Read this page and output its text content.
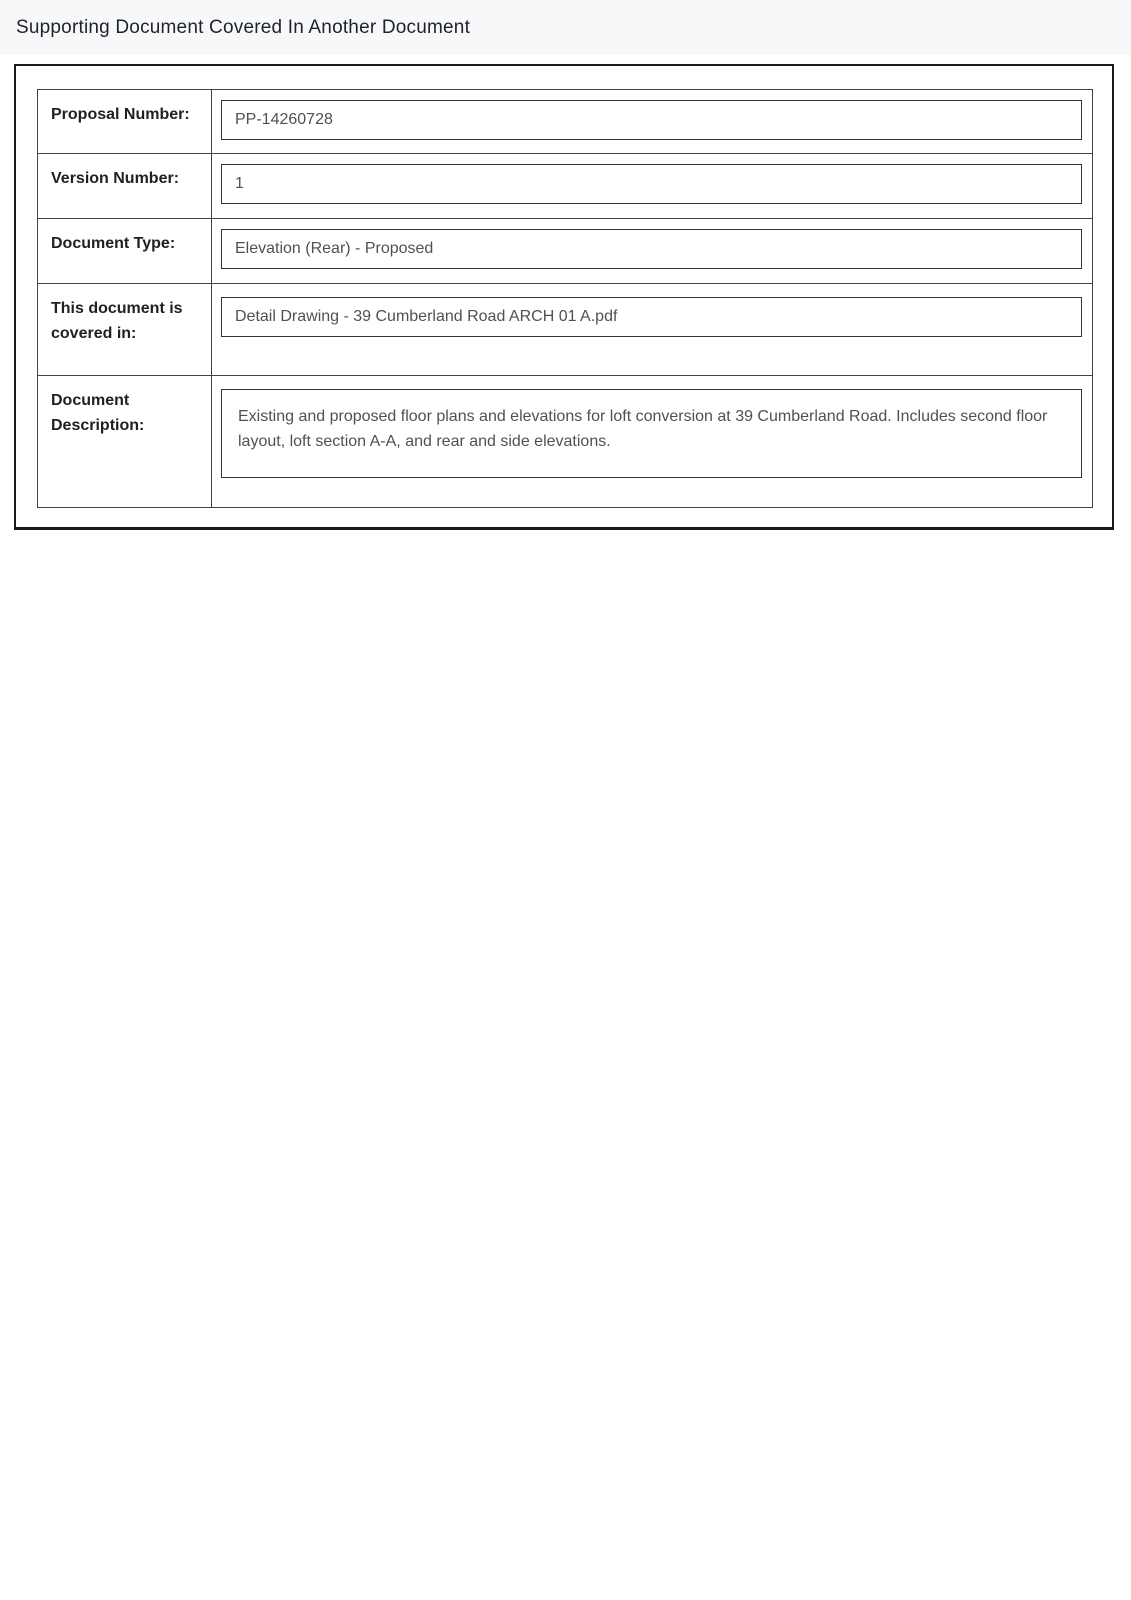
Supporting Document Covered In Another Document
Proposal Number:
PP-14260728
Version Number:
1
Document Type:
Elevation (Rear) - Proposed
This document is covered in:
Detail Drawing - 39 Cumberland Road ARCH 01 A.pdf
Document Description:
Existing and proposed floor plans and elevations for loft conversion at 39 Cumberland Road. Includes second floor layout, loft section A-A, and rear and side elevations.
